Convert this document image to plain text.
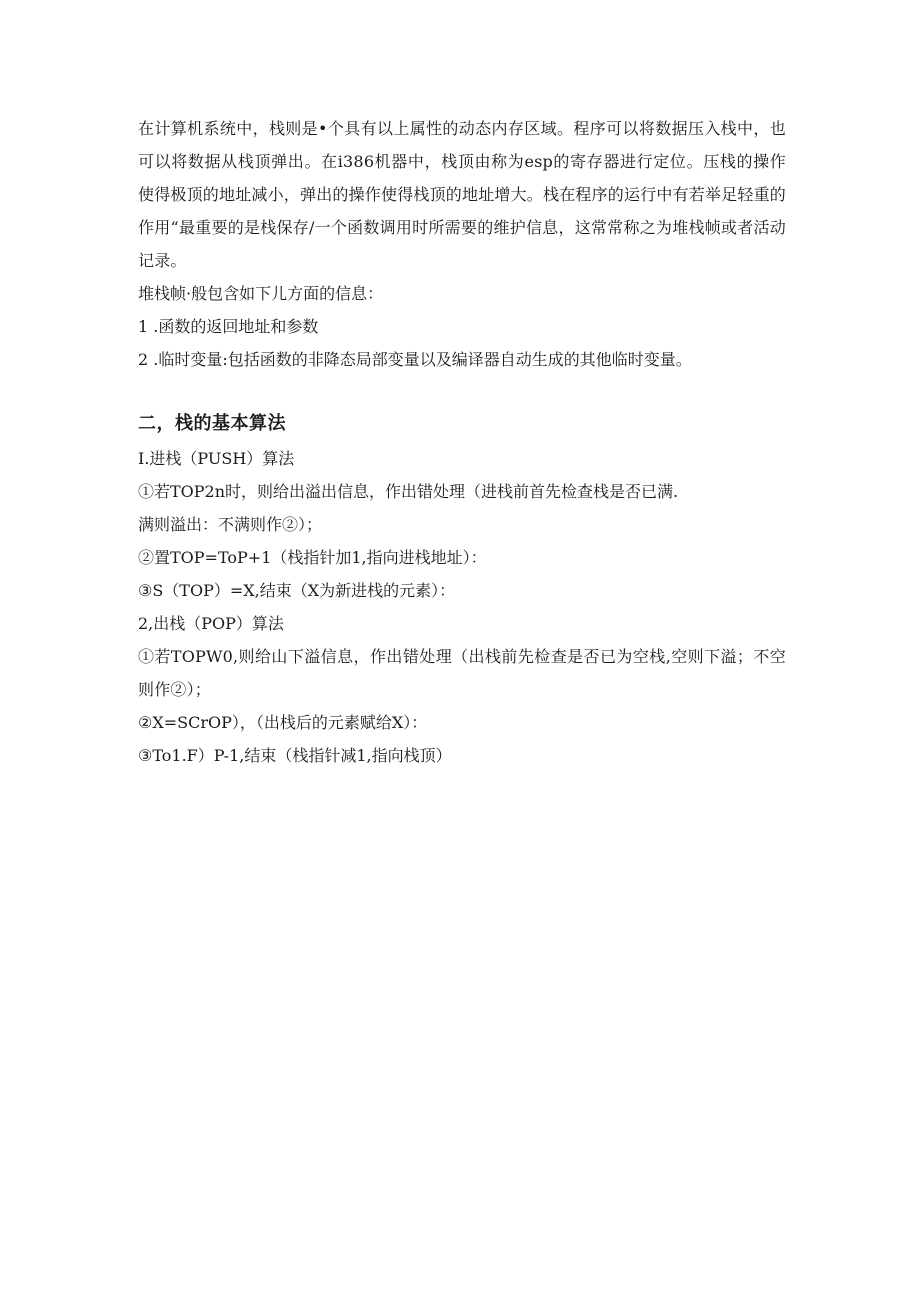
在计算机系统中，栈则是•个具有以上属性的动态内存区域。程序可以将数据压入栈中，也可以将数据从栈顶弹出。在i386机器中，栈顶由称为esp的寄存器进行定位。压栈的操作使得极顶的地址减小，弹出的操作使得栈顶的地址增大。栈在程序的运行中有若举足轻重的作用“最重要的是栈保存/一个函数调用时所需要的维护信息，这常常称之为堆栈帧或者活动记录。

堆栈帧·般包含如下儿方面的信息：

1 .函数的返回地址和参数

2 .临时变量:包括函数的非降态局部变量以及编译器自动生成的其他临时变量。

二，栈的基本算法

I.进栈（PUSH）算法

①若TOP2n时，则给出溢出信息，作出错处理（进栈前首先检查栈是否已满.

满则溢出：不满则作②）；

②置TOP=ToP+1（栈指针加1,指向进栈地址）：

③S（TOP）=X,结束（X为新进栈的元素）：

2,出栈（POP）算法

①若TOPW0,则给山下溢信息，作出错处理（出栈前先检查是否已为空栈,空则下溢；不空则作②）；

②X=SCrOP），（出栈后的元素赋给X）：

③To1.F）P-1,结束（栈指针减1,指向栈顶）
